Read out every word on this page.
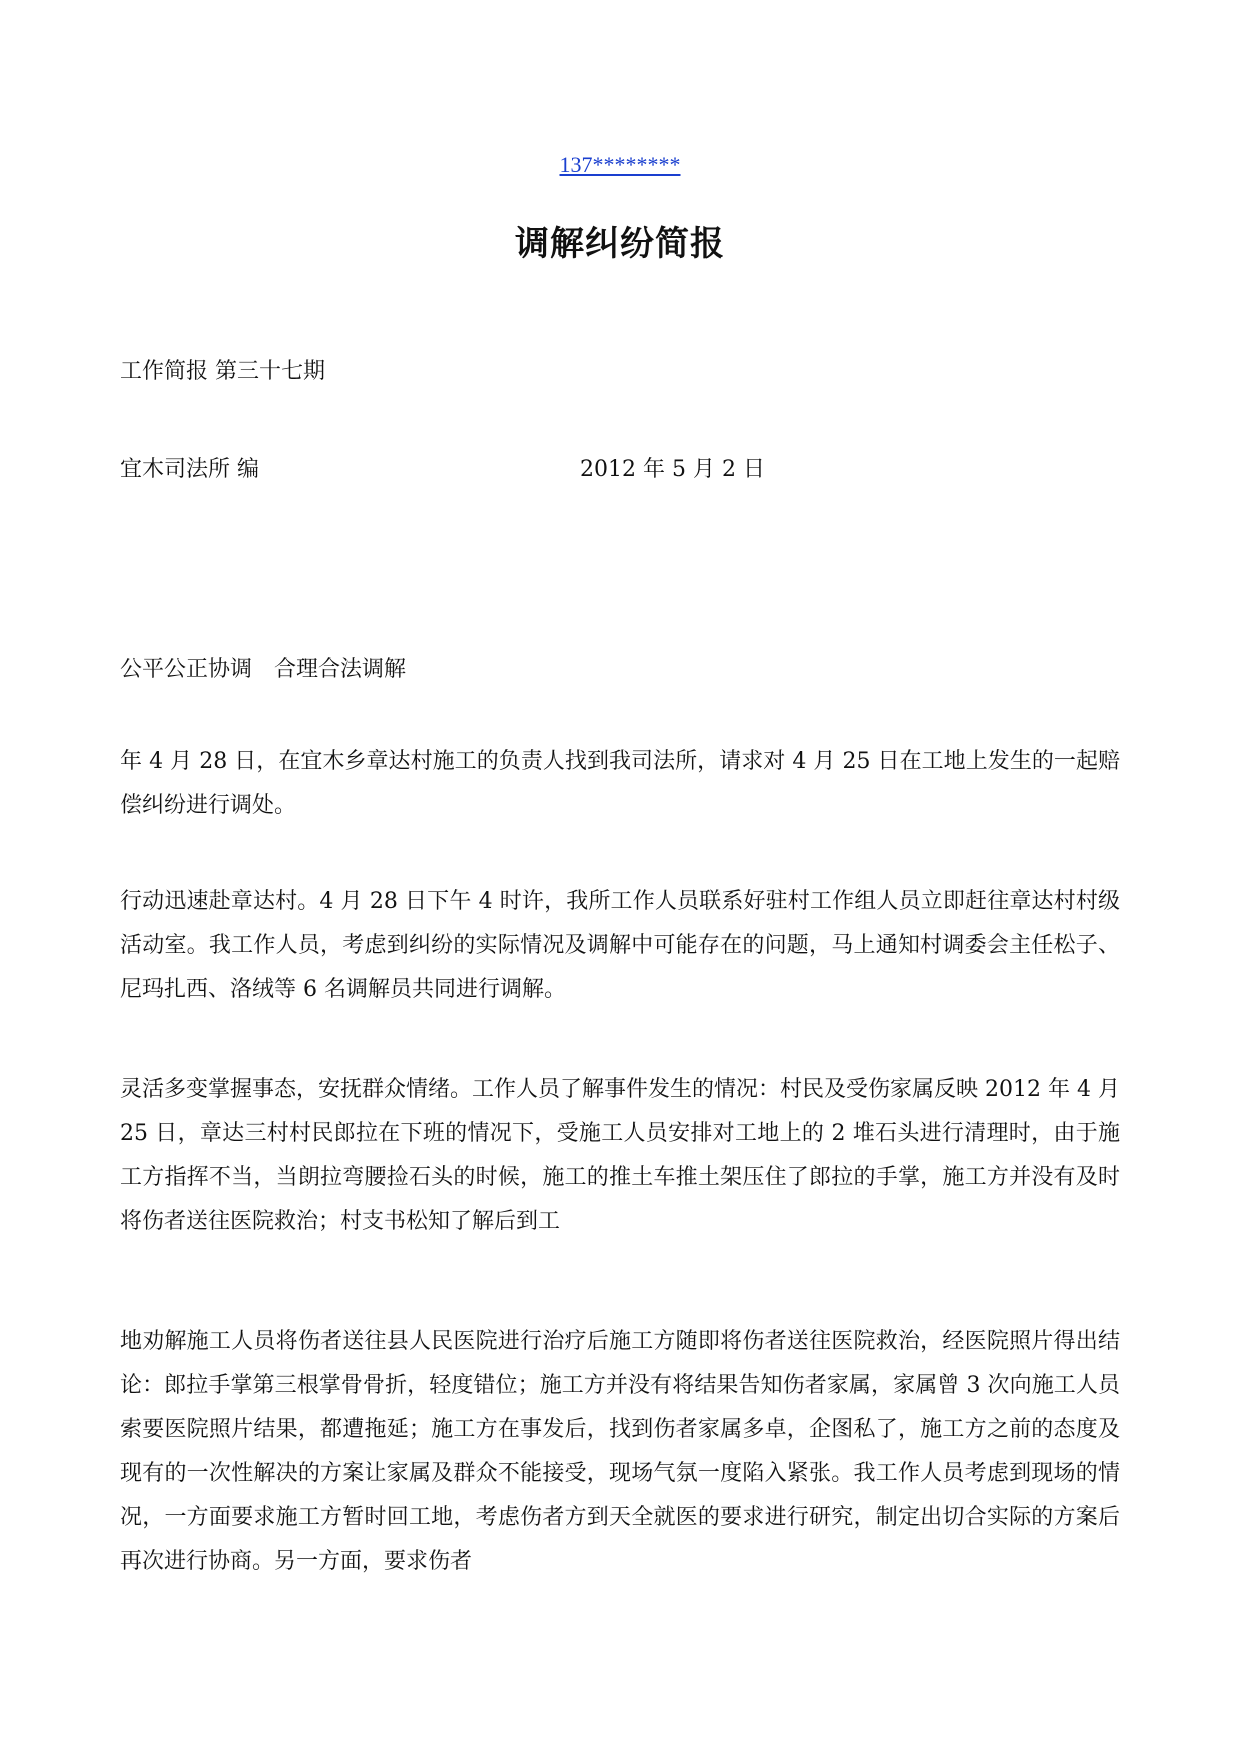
137********
调解纠纷简报
工作简报 第三十七期
宜木司法所 编	2012 年 5 月 2 日

公平公正协调　合理合法调解

年 4 月 28 日，在宜木乡章达村施工的负责人找到我司法所，请求对 4 月 25 日在工地上发生的一起赔偿纠纷进行调处。

行动迅速赴章达村。4 月 28 日下午 4 时许，我所工作人员联系好驻村工作组人员立即赶往章达村村级活动室。我工作人员，考虑到纠纷的实际情况及调解中可能存在的问题，马上通知村调委会主任松子、尼玛扎西、洛绒等 6 名调解员共同进行调解。

灵活多变掌握事态，安抚群众情绪。工作人员了解事件发生的情况：村民及受伤家属反映 2012 年 4 月 25 日，章达三村村民郎拉在下班的情况下，受施工人员安排对工地上的 2 堆石头进行清理时，由于施工方指挥不当，当朗拉弯腰捡石头的时候，施工的推土车推土架压住了郎拉的手掌，施工方并没有及时将伤者送往医院救治；村支书松知了解后到工

地劝解施工人员将伤者送往县人民医院进行治疗后施工方随即将伤者送往医院救治，经医院照片得出结论：郎拉手掌第三根掌骨骨折，轻度错位；施工方并没有将结果告知伤者家属，家属曾 3 次向施工人员索要医院照片结果，都遭拖延；施工方在事发后，找到伤者家属多卓，企图私了，施工方之前的态度及现有的一次性解决的方案让家属及群众不能接受，现场气氛一度陷入紧张。我工作人员考虑到现场的情况，一方面要求施工方暂时回工地，考虑伤者方到天全就医的要求进行研究，制定出切合实际的方案后再次进行协商。另一方面，要求伤者
